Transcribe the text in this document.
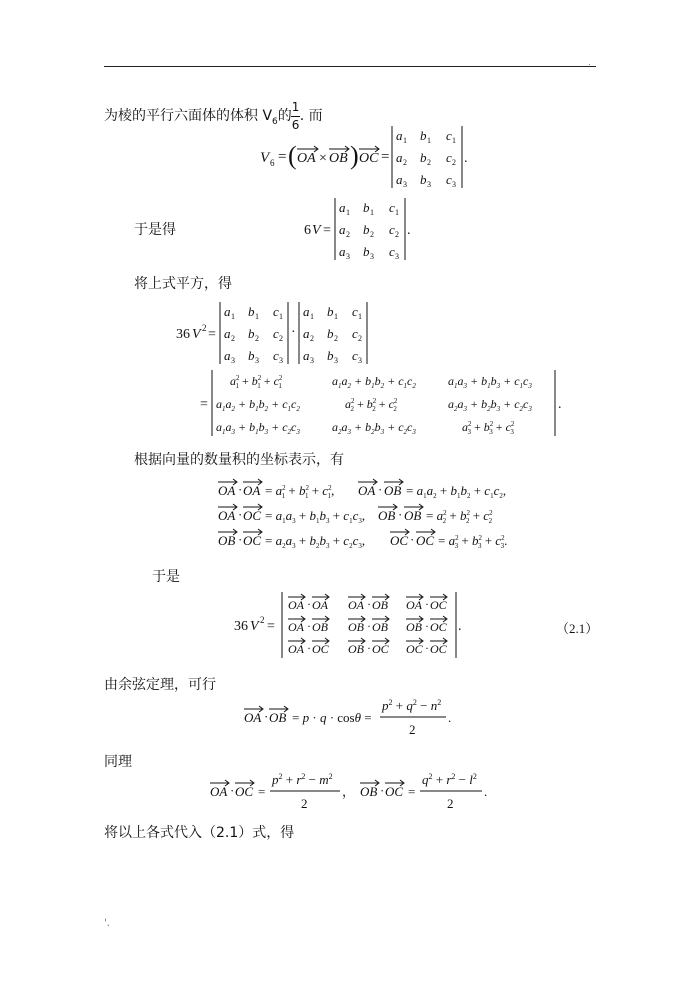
.
为棱的平行六面体的体积 $V_6$的
$\frac{1}{6}$
. 而
V 6 = ( OA × OB ) OC =
a 1 b 1 c 1
a 2 b 2 c 2
a 3 b 3 c 3
.
于是得	6 V =
a 1 b 1 c 1
a 2 b 2 c 2
a 3 b 3 c 3
.
将上式平方，得
36 V 2 =
a 1 b 1 c 1
a 2 b 2 c 2
a 3 b 3 c 3
·
a 1 b 1 c 1
a 2 b 2 c 2
a 3 b 3 c 3
=
$a^2$ $1 + b^2$ $1 + c^2$ 1	$a_1a_2 + b_1b_2 + c_1c_2$	$a_1a_3 + b_1b_3 + c_1c_3$
$a_1a_2 + b_1b_2 + c_1c_2$	$a^2$ $2 + b^2$ $2 + c^2$ 2	$a_2a_3 + b_2b_3 + c_2c_3$
$a_1a_3 + b_1b_3 + c_2c_3$	$a_2a_3 + b_2b_3 + c_2c_3$	$a^2$ $3 + b^2$ $3 + c^2$ 3
.
根据向量的数量积的坐标表示，有
OA · OA = $a^2$ $1 + b^2$ $1 + c^2$ 1, OA · OB = $a_1a_2 + b_1b_2 + c_1c_2$,
OA · OC = $a_1a_3 + b_1b_3 + c_1c_3$, OB · OB = $a^2$ $2 + b^2$ $2 + c^2$ 2
OB · OC = $a_2a_3 + b_2b_3 + c_2c_3$, OC · OC = $a^2$ $3 + b^2$ $3 + c^2$ 3.
于是
36 V 2 =
OA · OA OA · OB OA · OC
OA · OB OB · OB OB · OC
OA · OC OB · OC OC · OC
.	（2.1）
由余弦定理，可行
OA · OB = p · q · cosθ =
$p^2 + q^2 - n^2$
2
.
同理
OA · OC =
$p^2 + r^2 - m^2$
2
， OB · OC =
$q^2 + r^2 - l^2$
2
.
将以上各式代入（2.1）式，得
'.
